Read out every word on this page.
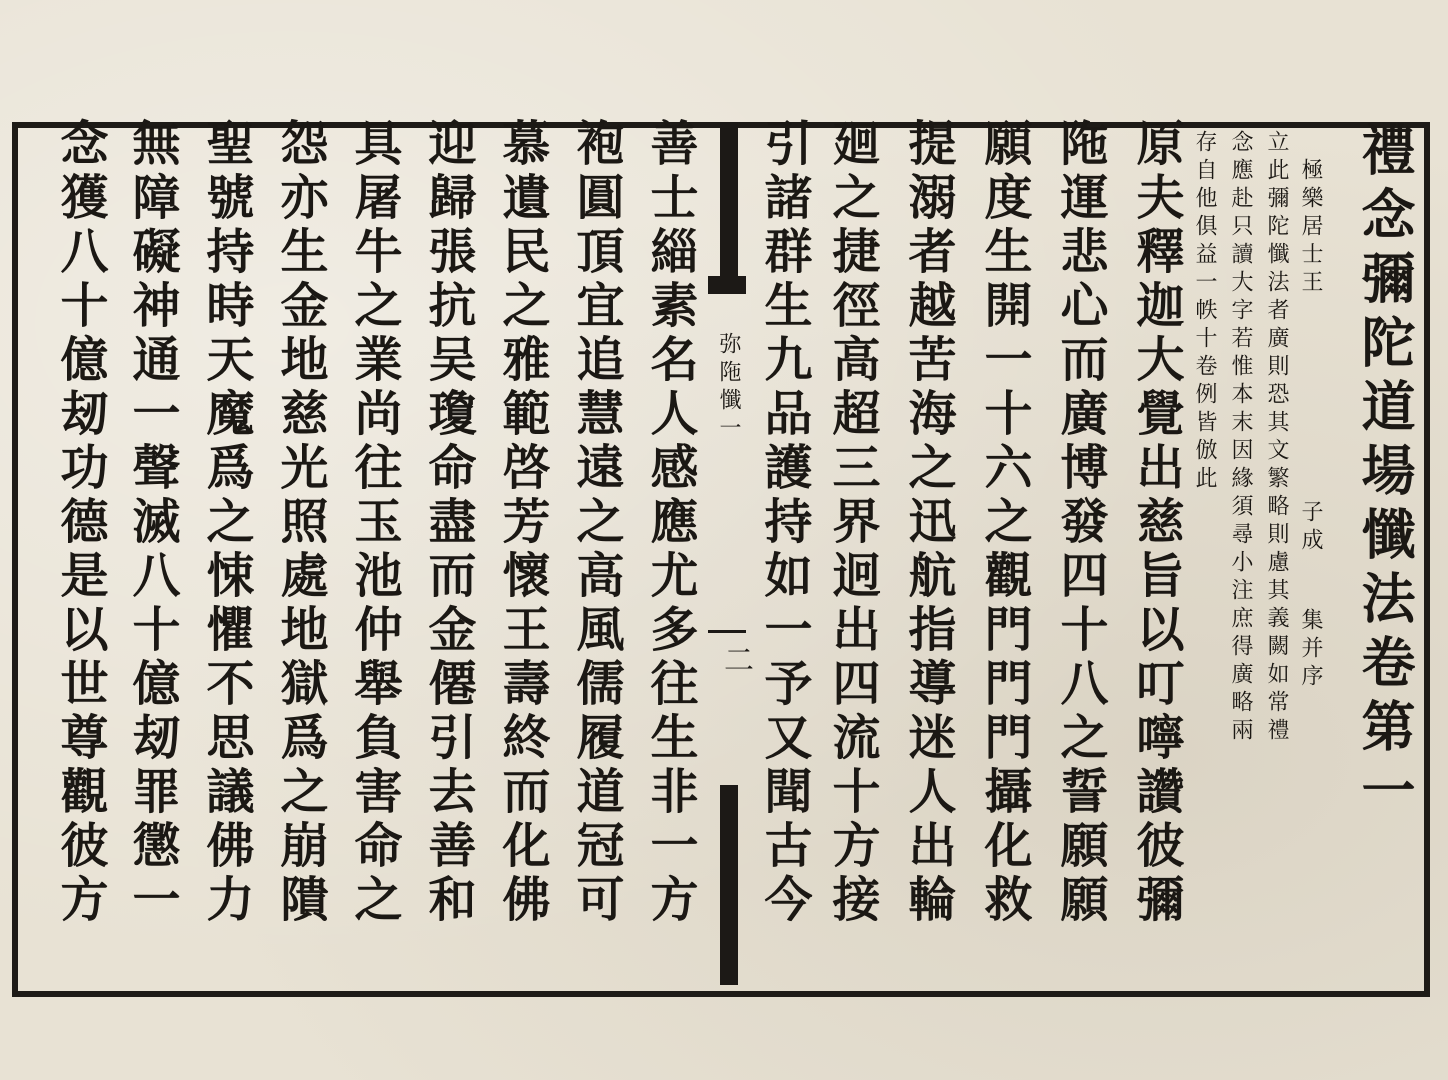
禮念彌陀道場懺法卷第一
極樂居士王
子成
集并序
立此彌陀懺法者廣則恐其文繁略則慮其義闕如常禮
念應赴只讀大字若惟本末因緣須尋小注庶得廣略兩
存自他俱益一帙十卷例皆倣此
原夫釋迦大覺出慈旨以叮嚀讚彼彌
陁運悲心而廣博發四十八之誓願願
願度生開一十六之觀門門門攝化救
提溺者越苦海之迅航指導迷人出輪
廻之捷徑高超三界迥出四流十方接
引諸群生九品護持如一予又聞古今
弥陁懺一
二
善士緇素名人感應尤多往生非一方
袍圓頂宜追慧遠之高風儒履道冠可
慕遺民之雅範啓芳懷王壽終而化佛
迎歸張抗吴瓊命盡而金僊引去善和
具屠牛之業尚往玉池仲舉負害命之
怨亦生金地慈光照處地獄爲之崩隤
聖號持時天魔爲之悚懼不思議佛力
無障礙神通一聲滅八十億刼罪懲一
念獲八十億刼功德是以世尊觀彼方
